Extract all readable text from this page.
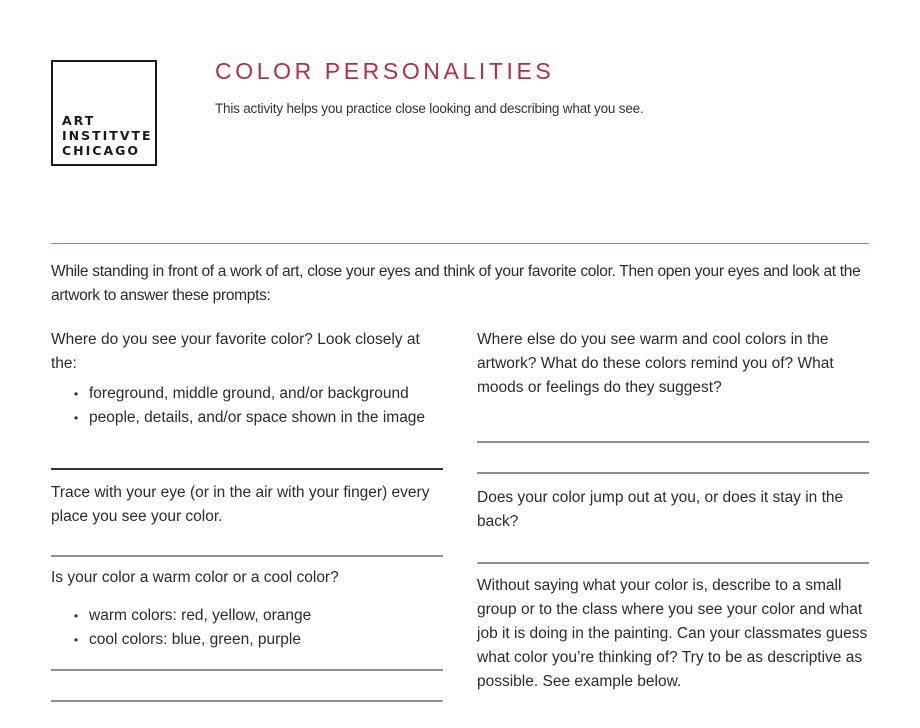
ART
INSTITVTE
CHICAGO
COLOR PERSONALITIES
This activity helps you practice close looking and describing what you see.
While standing in front of a work of art, close your eyes and think of your favorite color. Then open your eyes and look at the artwork to answer these prompts:
Where do you see your favorite color? Look closely at the:
• foreground, middle ground, and/or background
• people, details, and/or space shown in the image
Trace with your eye (or in the air with your finger) every place you see your color.
Is your color a warm color or a cool color?
• warm colors: red, yellow, orange
• cool colors: blue, green, purple
Where else do you see warm and cool colors in the artwork? What do these colors remind you of? What moods or feelings do they suggest?
Does your color jump out at you, or does it stay in the back?
Without saying what your color is, describe to a small group or to the class where you see your color and what job it is doing in the painting. Can your classmates guess what color you’re thinking of? Try to be as descriptive as possible. See example below.
